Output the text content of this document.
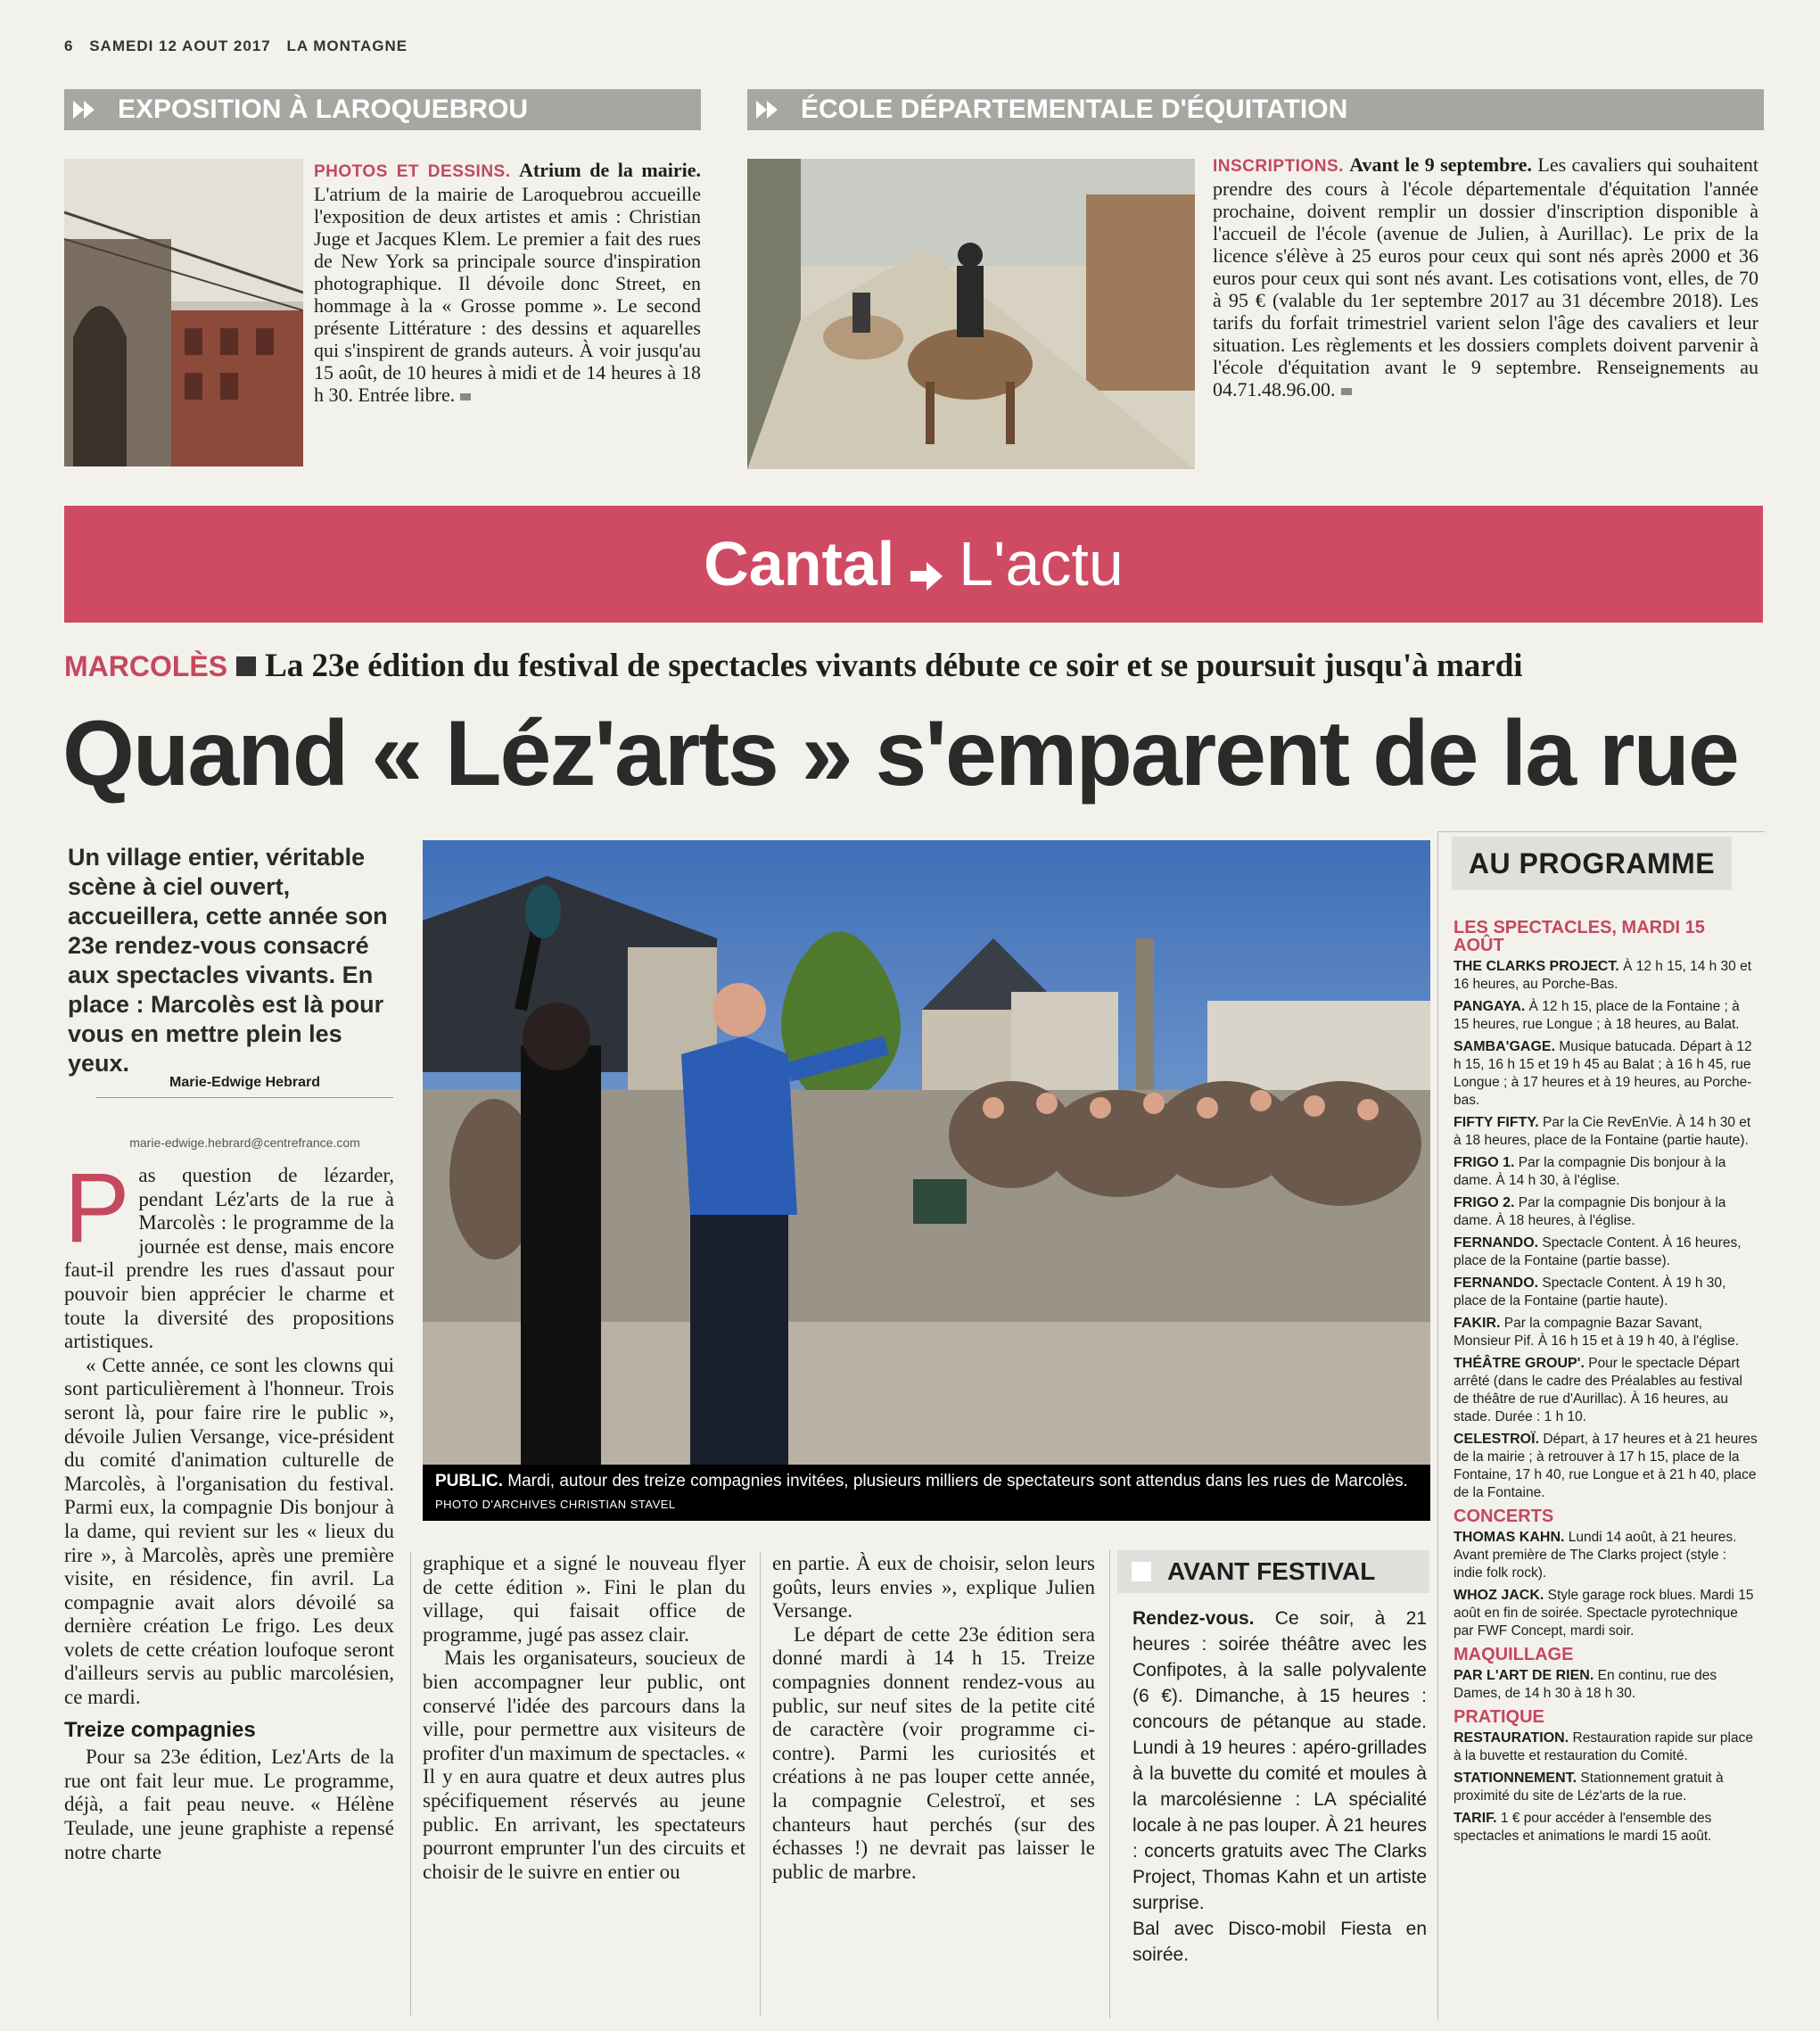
6 SAMEDI 12 AOUT 2017 LA MONTAGNE
EXPOSITION À LAROQUEBROU
PHOTOS ET DESSINS. Atrium de la mairie. L'atrium de la mairie de Laroquebrou accueille l'exposition de deux artistes et amis : Christian Juge et Jacques Klem. Le premier a fait des rues de New York sa principale source d'inspiration photographique. Il dévoile donc Street, en hommage à la « Grosse pomme ». Le second présente Littérature : des dessins et aquarelles qui s'inspirent de grands auteurs. À voir jusqu'au 15 août, de 10 heures à midi et de 14 heures à 18 h 30. Entrée libre.
ÉCOLE DÉPARTEMENTALE D'ÉQUITATION
INSCRIPTIONS. Avant le 9 septembre. Les cavaliers qui souhaitent prendre des cours à l'école départementale d'équitation l'année prochaine, doivent remplir un dossier d'inscription disponible à l'accueil de l'école (avenue de Julien, à Aurillac). Le prix de la licence s'élève à 25 euros pour ceux qui sont nés après 2000 et 36 euros pour ceux qui sont nés avant. Les cotisations vont, elles, de 70 à 95 € (valable du 1er septembre 2017 au 31 décembre 2018). Les tarifs du forfait trimestriel varient selon l'âge des cavaliers et leur situation. Les règlements et les dossiers complets doivent parvenir à l'école d'équitation avant le 9 septembre. Renseignements au 04.71.48.96.00.
Cantal L'actu
MARCOLÈS La 23e édition du festival de spectacles vivants débute ce soir et se poursuit jusqu'à mardi
Quand « Léz'arts » s'emparent de la rue
Un village entier, véritable scène à ciel ouvert, accueillera, cette année son 23e rendez-vous consacré aux spectacles vivants. En place : Marcolès est là pour vous en mettre plein les yeux.
Marie-Edwige Hebrard
marie-edwige.hebrard@centrefrance.com

Pas question de lézarder, pendant Léz'arts de la rue à Marcolès : le programme de la journée est dense, mais encore faut-il prendre les rues d'assaut pour pouvoir bien apprécier le charme et toute la diversité des propositions artistiques.

« Cette année, ce sont les clowns qui sont particulièrement à l'honneur. Trois seront là, pour faire rire le public », dévoile Julien Versange, vice-président du comité d'animation culturelle de Marcolès, à l'organisation du festival. Parmi eux, la compagnie Dis bonjour à la dame, qui revient sur les « lieux du rire », à Marcolès, après une première visite, en résidence, fin avril. La compagnie avait alors dévoilé sa dernière création Le frigo. Les deux volets de cette création loufoque seront d'ailleurs servis au public marcolésien, ce mardi.

Treize compagnies

Pour sa 23e édition, Lez'Arts de la rue ont fait leur mue. Le programme, déjà, a fait peau neuve. « Hélène Teulade, une jeune graphiste a repensé notre charte

PUBLIC. Mardi, autour des treize compagnies invitées, plusieurs milliers de spectateurs sont attendus dans les rues de Marcolès. PHOTO D'ARCHIVES CHRISTIAN STAVEL

graphique et a signé le nouveau flyer de cette édition ». Fini le plan du village, qui faisait office de programme, jugé pas assez clair.

Mais les organisateurs, soucieux de bien accompagner leur public, ont conservé l'idée des parcours dans la ville, pour permettre aux visiteurs de profiter d'un maximum de spectacles. « Il y en aura quatre et deux autres plus spécifiquement réservés au jeune public. En arrivant, les spectateurs pourront emprunter l'un des circuits et choisir de le suivre en entier ou

en partie. À eux de choisir, selon leurs goûts, leurs envies », explique Julien Versange.

Le départ de cette 23e édition sera donné mardi à 14 h 15. Treize compagnies donnent rendez-vous au public, sur neuf sites de la petite cité de caractère (voir programme ci-contre). Parmi les curiosités et créations à ne pas louper cette année, la compagnie Celestroï, et ses chanteurs haut perchés (sur des échasses !) ne devrait pas laisser le public de marbre.

AVANT FESTIVAL
Rendez-vous. Ce soir, à 21 heures : soirée théâtre avec les Confipotes, à la salle polyvalente (6 €). Dimanche, à 15 heures : concours de pétanque au stade. Lundi à 19 heures : apéro-grillades à la buvette du comité et moules à la marcolésienne : LA spécialité locale à ne pas louper. À 21 heures : concerts gratuits avec The Clarks Project, Thomas Kahn et un artiste surprise.
Bal avec Disco-mobil Fiesta en soirée.
AU PROGRAMME
LES SPECTACLES, MARDI 15 AOÛT
THE CLARKS PROJECT. À 12 h 15, 14 h 30 et 16 heures, au Porche-Bas.
PANGAYA. À 12 h 15, place de la Fontaine ; à 15 heures, rue Longue ; à 18 heures, au Balat.
SAMBA'GAGE. Musique batucada. Départ à 12 h 15, 16 h 15 et 19 h 45 au Balat ; à 16 h 45, rue Longue ; à 17 heures et à 19 heures, au Porche-bas.
FIFTY FIFTY. Par la Cie RevEnVie. À 14 h 30 et à 18 heures, place de la Fontaine (partie haute).
FRIGO 1. Par la compagnie Dis bonjour à la dame. À 14 h 30, à l'église.
FRIGO 2. Par la compagnie Dis bonjour à la dame. À 18 heures, à l'église.
FERNANDO. Spectacle Content. À 16 heures, place de la Fontaine (partie basse).
FERNANDO. Spectacle Content. À 19 h 30, place de la Fontaine (partie haute).
FAKIR. Par la compagnie Bazar Savant, Monsieur Pif. À 16 h 15 et à 19 h 40, à l'église.
THÉÂTRE GROUP'. Pour le spectacle Départ arrêté (dans le cadre des Préalables au festival de théâtre de rue d'Aurillac). À 16 heures, au stade. Durée : 1 h 10.
CELESTROÏ. Départ, à 17 heures et à 21 heures de la mairie ; à retrouver à 17 h 15, place de la Fontaine, 17 h 40, rue Longue et à 21 h 40, place de la Fontaine.
CONCERTS
THOMAS KAHN. Lundi 14 août, à 21 heures. Avant première de The Clarks project (style : indie folk rock).
WHOZ JACK. Style garage rock blues. Mardi 15 août en fin de soirée. Spectacle pyrotechnique par FWF Concept, mardi soir.
MAQUILLAGE
PAR L'ART DE RIEN. En continu, rue des Dames, de 14 h 30 à 18 h 30.
PRATIQUE
RESTAURATION. Restauration rapide sur place à la buvette et restauration du Comité.
STATIONNEMENT. Stationnement gratuit à proximité du site de Léz'arts de la rue.
TARIF. 1 € pour accéder à l'ensemble des spectacles et animations le mardi 15 août.
